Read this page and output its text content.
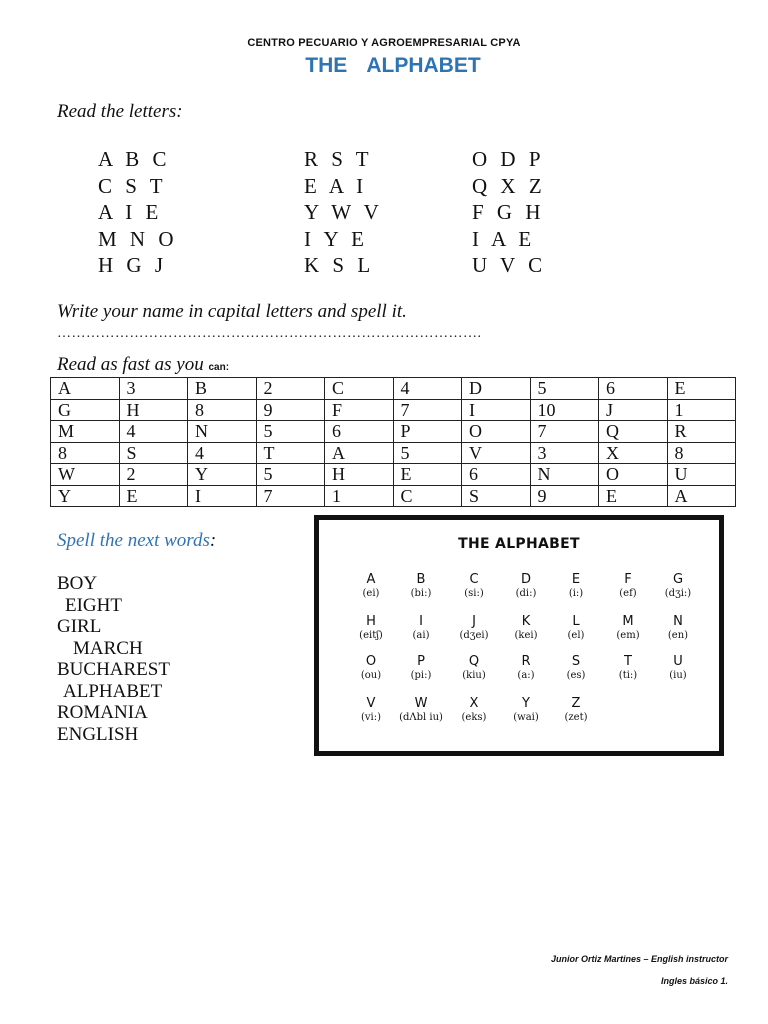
CENTRO PECUARIO Y AGROEMPRESARIAL CPYA
THE ALPHABET
Read the letters:
A B C
C S T
A I E
M N O
H G J
R S T
E A I
Y W V
I Y E
K S L
O D P
Q X Z
F G H
I A E
U V C
Write your name in capital letters and spell it.
…………………………………………………………………………….
Read as fast as you can:
A	3	B	2	C	4	D	5	6	E
G	H	8	9	F	7	I	10	J	1
M	4	N	5	6	P	O	7	Q	R
8	S	4	T	A	5	V	3	X	8
W	2	Y	5	H	E	6	N	O	U
Y	E	I	7	1	C	S	9	E	A
Spell the next words:
BOY
EIGHT
GIRL
MARCH
BUCHAREST
ALPHABET
ROMANIA
ENGLISH
THE ALPHABET
A
(ei)
B
(bi:)
C
(si:)
D
(di:)
E
(i:)
F
(ef)
G
(dʒi:)
H
(eitʃ)
I
(ai)
J
(dʒei)
K
(kei)
L
(el)
M
(em)
N
(en)
O
(ou)
P
(pi:)
Q
(kiu)
R
(a:)
S
(es)
T
(ti:)
U
(iu)
V
(vi:)
W
(dΛbl iu)
X
(eks)
Y
(wai)
Z
(zet)
Junior Ortiz Martines – English instructor
Ingles básico 1.
